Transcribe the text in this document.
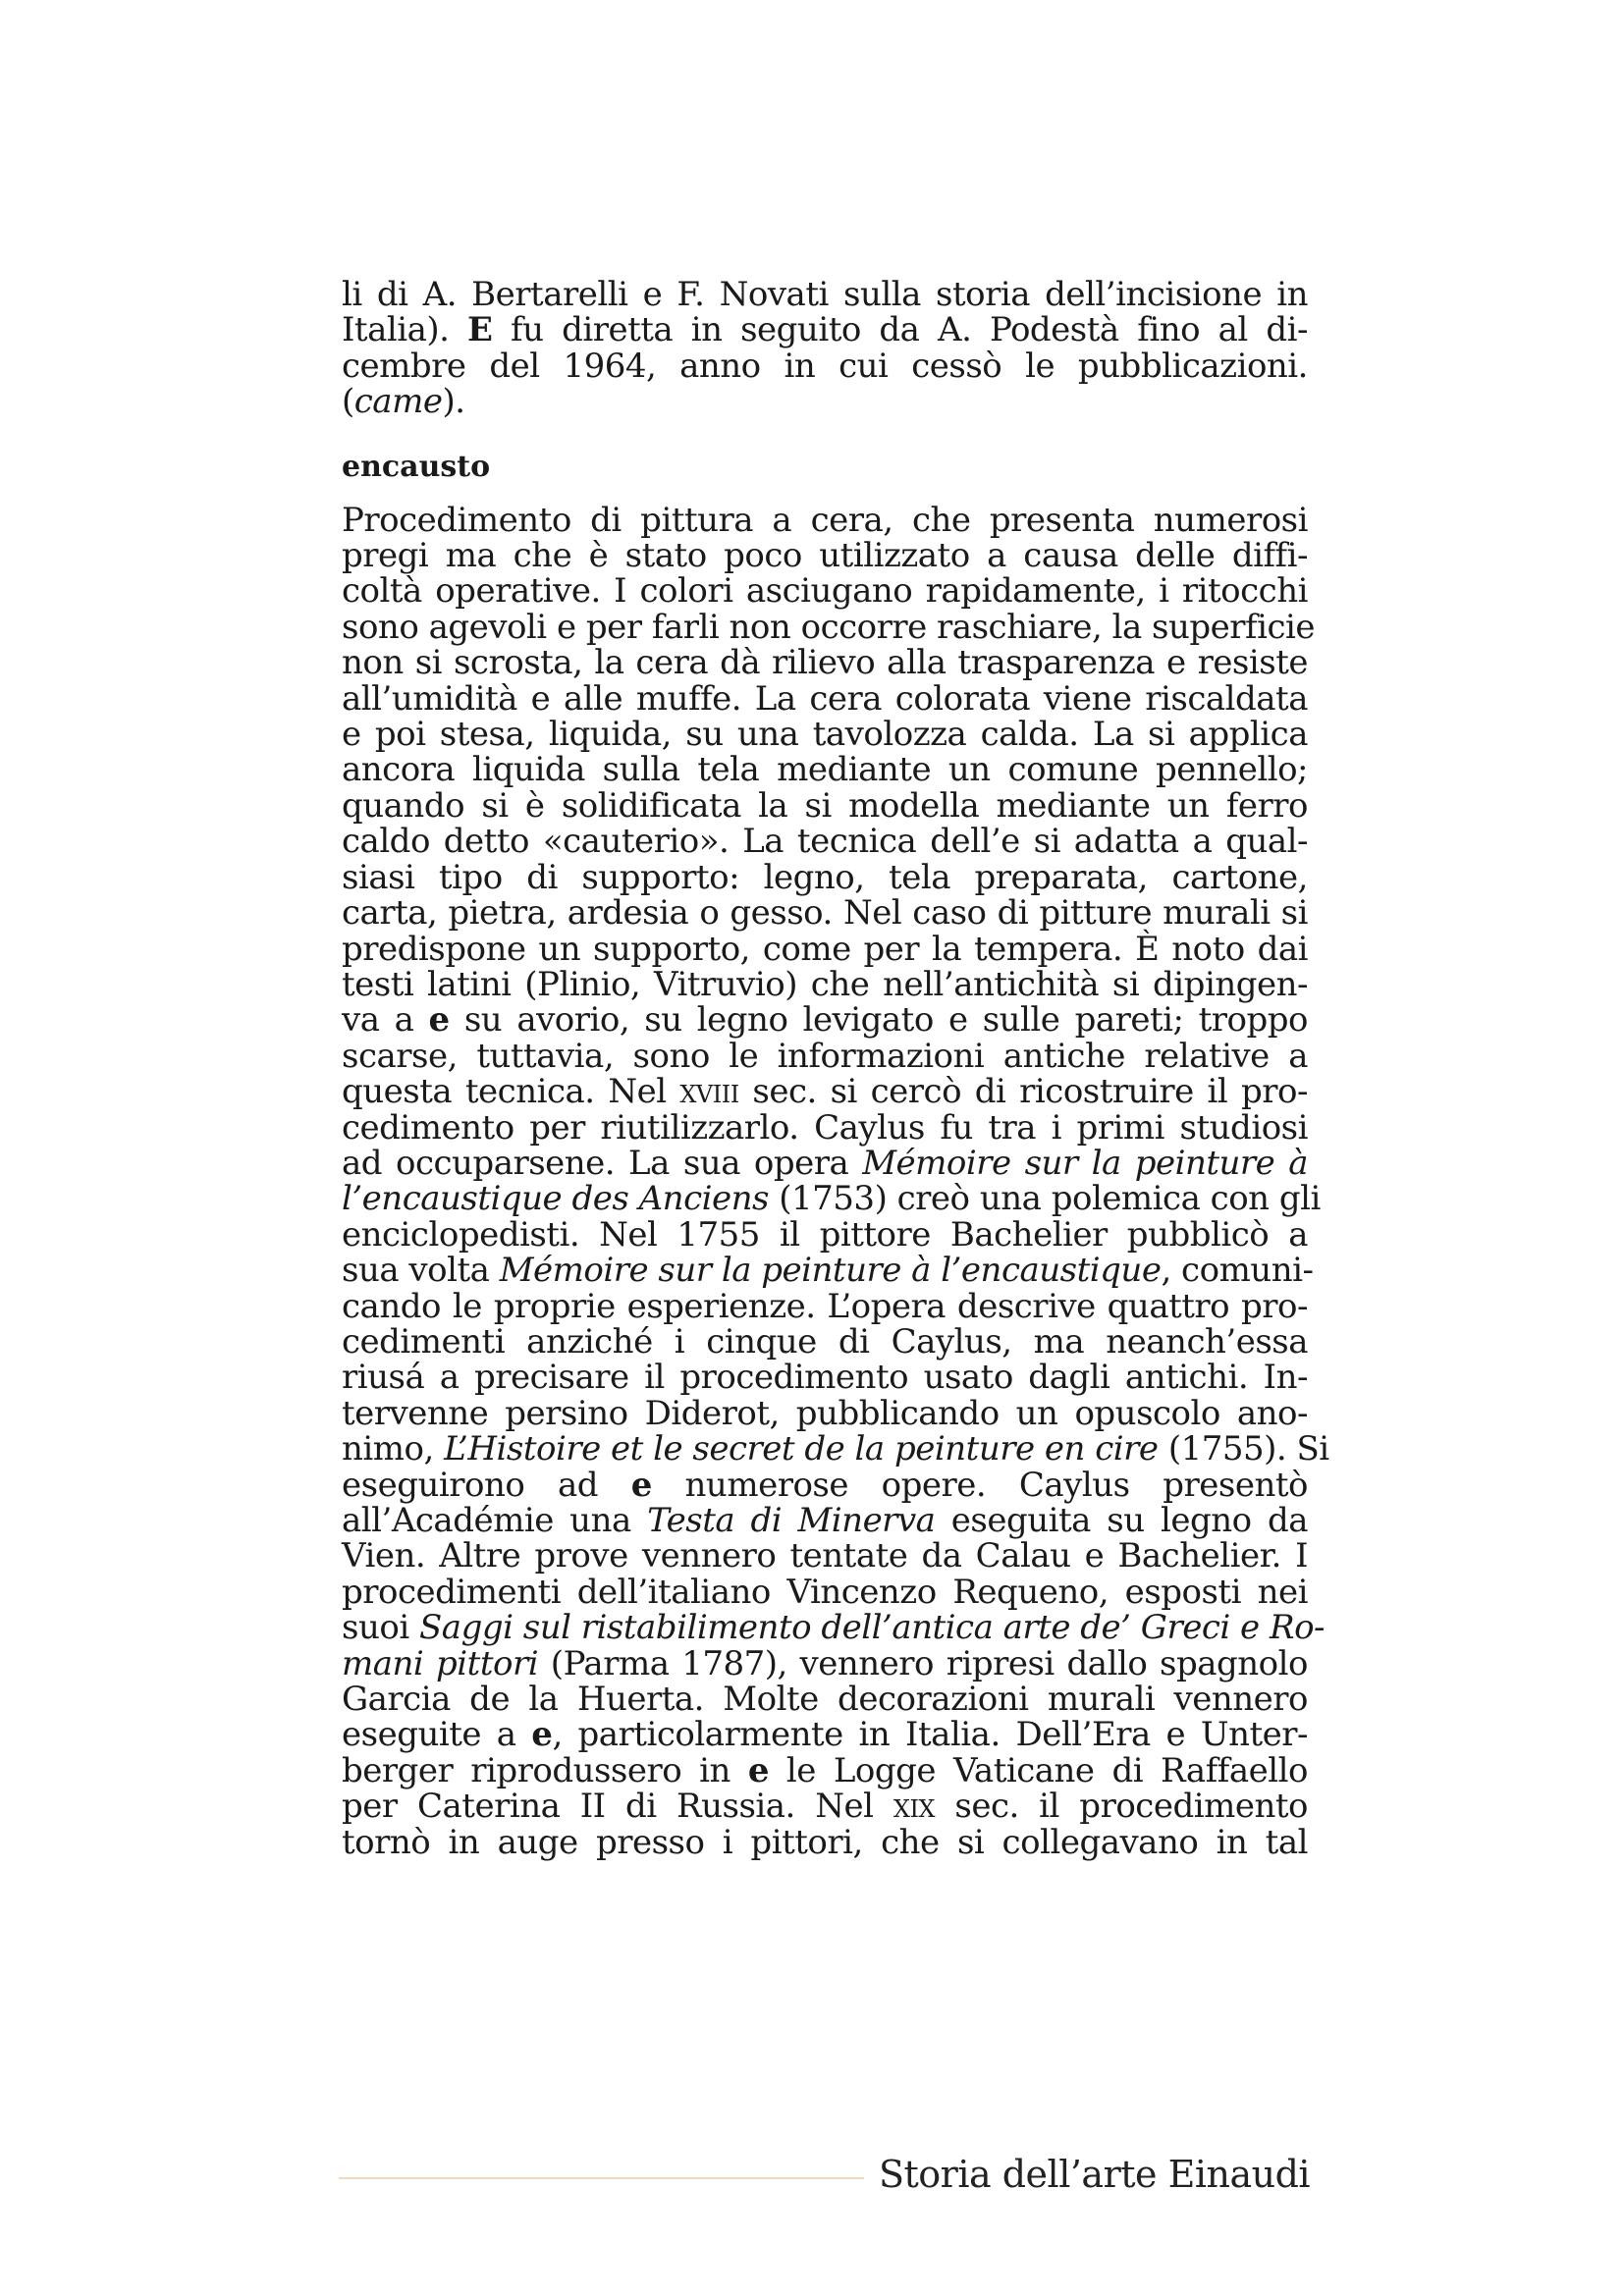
li di A. Bertarelli e F. Novati sulla storia dell’incisione in
Italia). E fu diretta in seguito da A. Podestà fino al di-
cembre del 1964, anno in cui cessò le pubblicazioni.
(came).
encausto
Procedimento di pittura a cera, che presenta numerosi
pregi ma che è stato poco utilizzato a causa delle diffi-
coltà operative. I colori asciugano rapidamente, i ritocchi
sono agevoli e per farli non occorre raschiare, la superficie
non si scrosta, la cera dà rilievo alla trasparenza e resiste
all’umidità e alle muffe. La cera colorata viene riscaldata
e poi stesa, liquida, su una tavolozza calda. La si applica
ancora liquida sulla tela mediante un comune pennello;
quando si è solidificata la si modella mediante un ferro
caldo detto «cauterio». La tecnica dell’e si adatta a qual-
siasi tipo di supporto: legno, tela preparata, cartone,
carta, pietra, ardesia o gesso. Nel caso di pitture murali si
predispone un supporto, come per la tempera. È noto dai
testi latini (Plinio, Vitruvio) che nell’antichità si dipingen-
va a e su avorio, su legno levigato e sulle pareti; troppo
scarse, tuttavia, sono le informazioni antiche relative a
questa tecnica. Nel xviii sec. si cercò di ricostruire il pro-
cedimento per riutilizzarlo. Caylus fu tra i primi studiosi
ad occuparsene. La sua opera Mémoire sur la peinture à
l’encaustique des Anciens (1753) creò una polemica con gli
enciclopedisti. Nel 1755 il pittore Bachelier pubblicò a
sua volta Mémoire sur la peinture à l’encaustique, comuni-
cando le proprie esperienze. L’opera descrive quattro pro-
cedimenti anziché i cinque di Caylus, ma neanch’essa
riusá a precisare il procedimento usato dagli antichi. In-
tervenne persino Diderot, pubblicando un opuscolo ano-
nimo, L’Histoire et le secret de la peinture en cire (1755). Si
eseguirono ad e numerose opere. Caylus presentò
all’Académie una Testa di Minerva eseguita su legno da
Vien. Altre prove vennero tentate da Calau e Bachelier. I
procedimenti dell’italiano Vincenzo Requeno, esposti nei
suoi Saggi sul ristabilimento dell’antica arte de’ Greci e Ro-
mani pittori (Parma 1787), vennero ripresi dallo spagnolo
Garcia de la Huerta. Molte decorazioni murali vennero
eseguite a e, particolarmente in Italia. Dell’Era e Unter-
berger riprodussero in e le Logge Vaticane di Raffaello
per Caterina II di Russia. Nel xix sec. il procedimento
tornò in auge presso i pittori, che si collegavano in tal
Storia dell’arte Einaudi
